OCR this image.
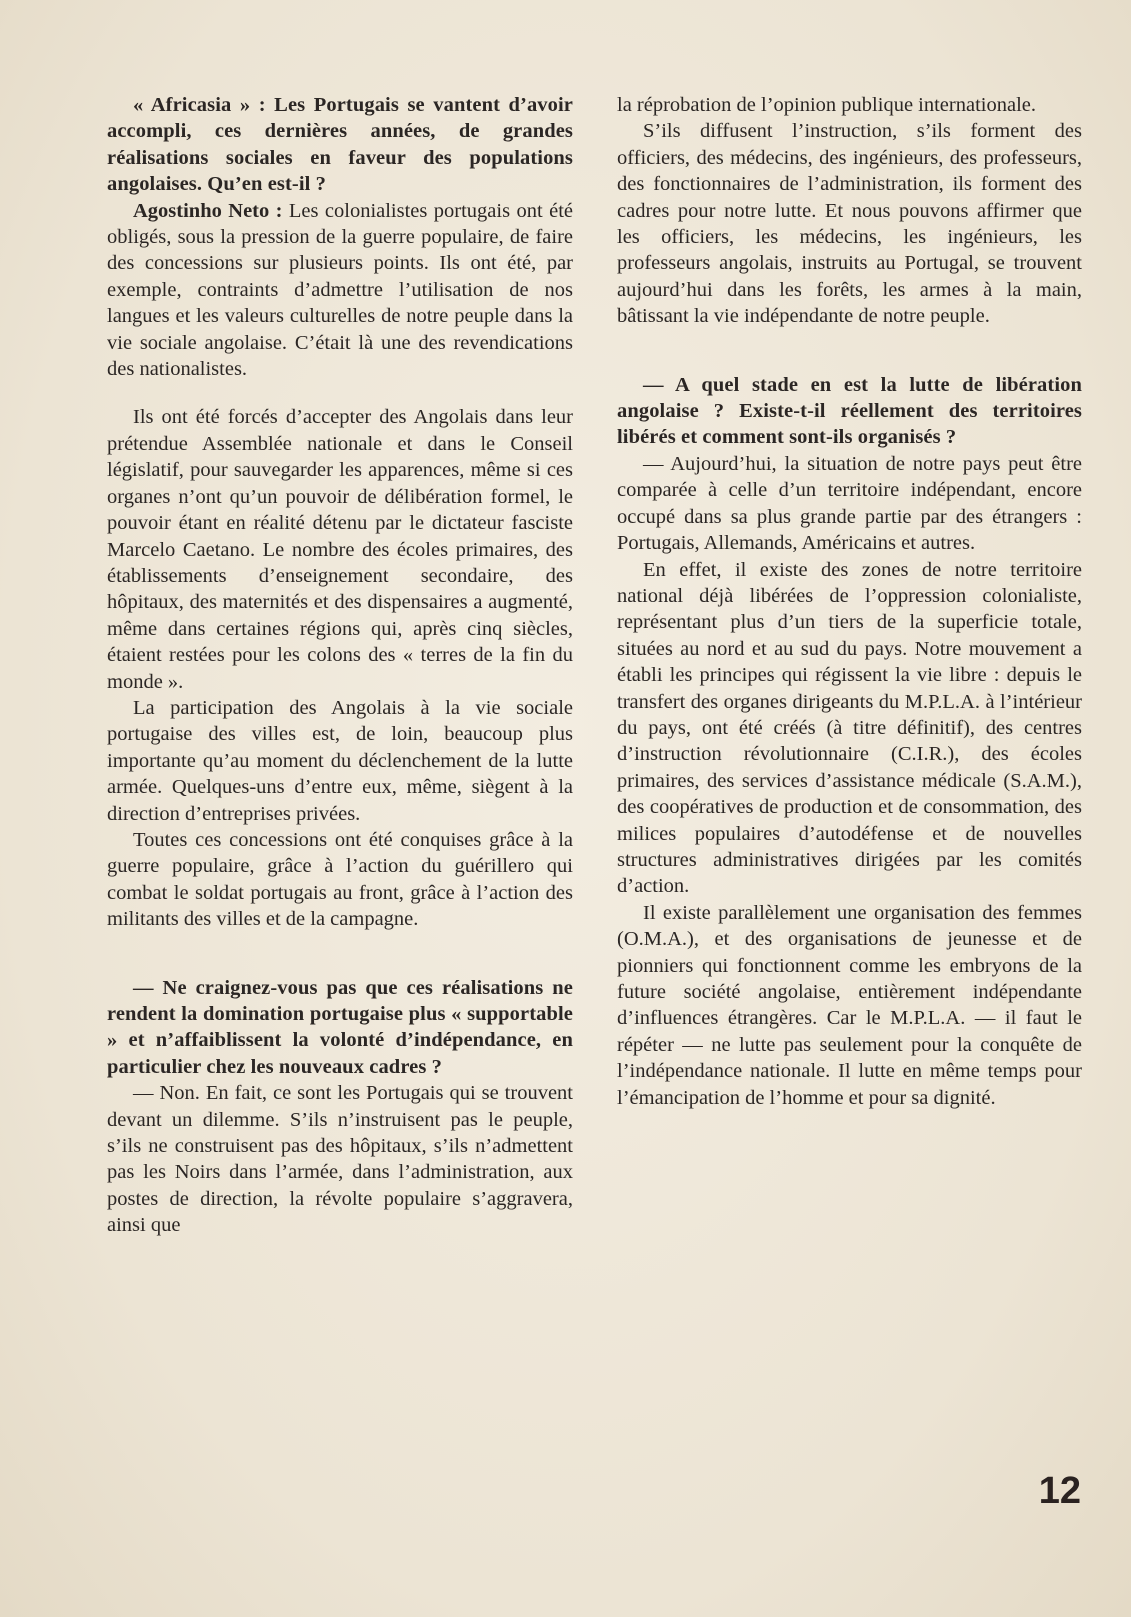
« Africasia » : Les Portugais se vantent d’avoir accompli, ces dernières années, de grandes réalisations sociales en faveur des populations angolaises. Qu’en est-il ?

Agostinho Neto : Les colonialistes portugais ont été obligés, sous la pression de la guerre populaire, de faire des concessions sur plusieurs points. Ils ont été, par exemple, contraints d’admettre l’utilisation de nos langues et les valeurs culturelles de notre peuple dans la vie sociale angolaise. C’était là une des revendications des nationalistes.

Ils ont été forcés d’accepter des Angolais dans leur prétendue Assemblée nationale et dans le Conseil législatif, pour sauvegarder les apparences, même si ces organes n’ont qu’un pouvoir de délibération formel, le pouvoir étant en réalité détenu par le dictateur fasciste Marcelo Caetano. Le nombre des écoles primaires, des établissements d’enseignement secondaire, des hôpitaux, des maternités et des dispensaires a augmenté, même dans certaines régions qui, après cinq siècles, étaient restées pour les colons des « terres de la fin du monde ».

La participation des Angolais à la vie sociale portugaise des villes est, de loin, beaucoup plus importante qu’au moment du déclenchement de la lutte armée. Quelques-uns d’entre eux, même, siègent à la direction d’entreprises privées.

Toutes ces concessions ont été conquises grâce à la guerre populaire, grâce à l’action du guérillero qui combat le soldat portugais au front, grâce à l’action des militants des villes et de la campagne.

— Ne craignez-vous pas que ces réalisations ne rendent la domination portugaise plus « supportable » et n’affaiblissent la volonté d’indépendance, en particulier chez les nouveaux cadres ?

— Non. En fait, ce sont les Portugais qui se trouvent devant un dilemme. S’ils n’instruisent pas le peuple, s’ils ne construisent pas des hôpitaux, s’ils n’admettent pas les Noirs dans l’armée, dans l’administration, aux postes de direction, la révolte populaire s’aggravera, ainsi que

la réprobation de l’opinion publique internationale.

S’ils diffusent l’instruction, s’ils forment des officiers, des médecins, des ingénieurs, des professeurs, des fonctionnaires de l’administration, ils forment des cadres pour notre lutte. Et nous pouvons affirmer que les officiers, les médecins, les ingénieurs, les professeurs angolais, instruits au Portugal, se trouvent aujourd’hui dans les forêts, les armes à la main, bâtissant la vie indépendante de notre peuple.

— A quel stade en est la lutte de libération angolaise ? Existe-t-il réellement des territoires libérés et comment sont-ils organisés ?

— Aujourd’hui, la situation de notre pays peut être comparée à celle d’un territoire indépendant, encore occupé dans sa plus grande partie par des étrangers : Portugais, Allemands, Américains et autres.

En effet, il existe des zones de notre territoire national déjà libérées de l’oppression colonialiste, représentant plus d’un tiers de la superficie totale, situées au nord et au sud du pays. Notre mouvement a établi les principes qui régissent la vie libre : depuis le transfert des organes dirigeants du M.P.L.A. à l’intérieur du pays, ont été créés (à titre définitif), des centres d’instruction révolutionnaire (C.I.R.), des écoles primaires, des services d’assistance médicale (S.A.M.), des coopératives de production et de consommation, des milices populaires d’autodéfense et de nouvelles structures administratives dirigées par les comités d’action.

Il existe parallèlement une organisation des femmes (O.M.A.), et des organisations de jeunesse et de pionniers qui fonctionnent comme les embryons de la future société angolaise, entièrement indépendante d’influences étrangères. Car le M.P.L.A. — il faut le répéter — ne lutte pas seulement pour la conquête de l’indépendance nationale. Il lutte en même temps pour l’émancipation de l’homme et pour sa dignité.

12
